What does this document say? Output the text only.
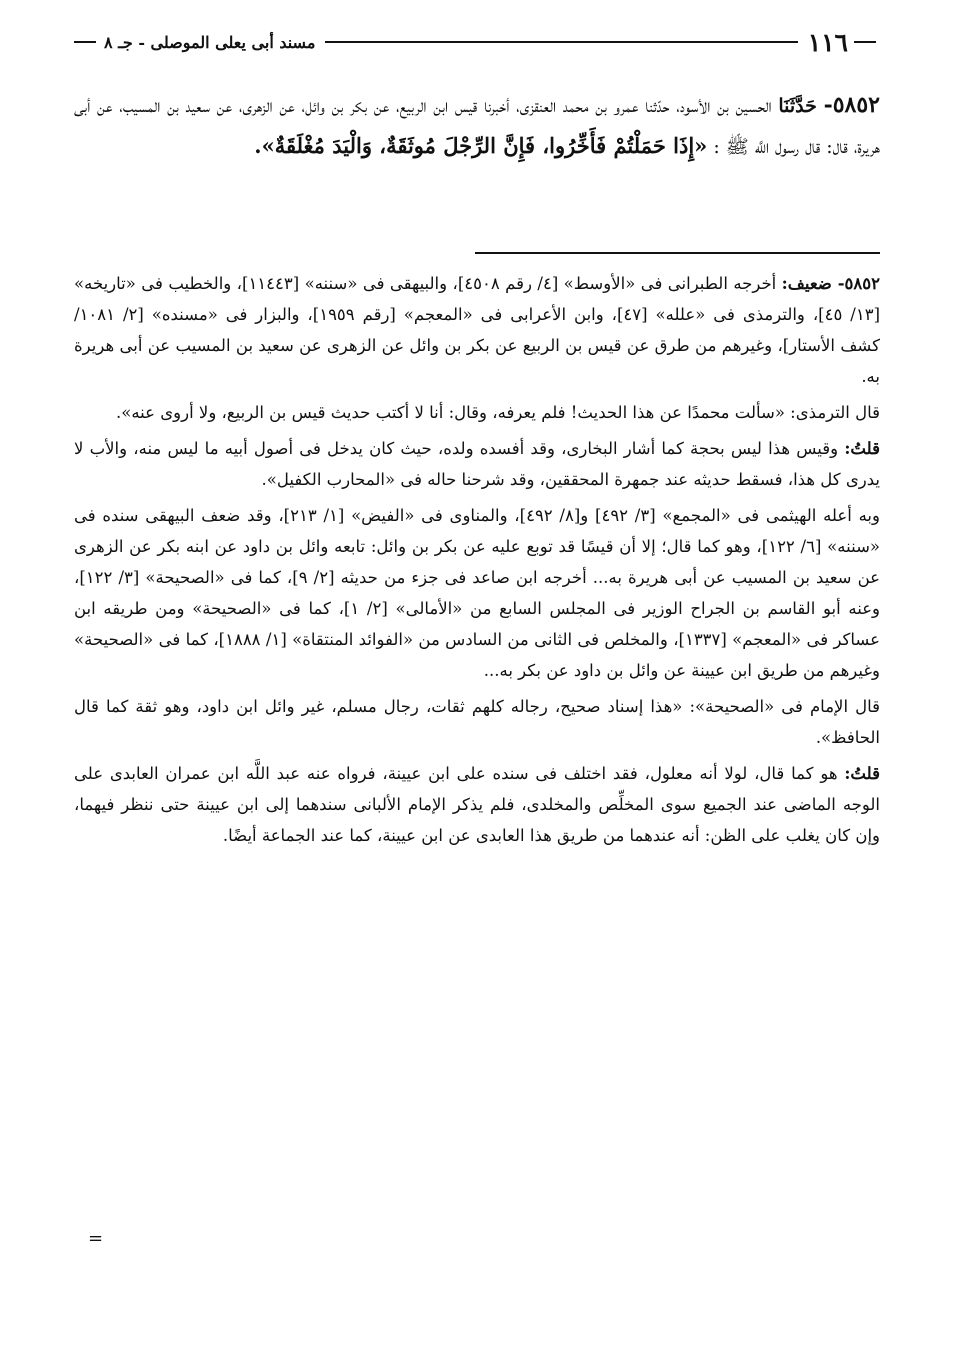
١١٦
مسند أبى يعلى الموصلى - جـ ٨
٥٨٥٢- حَدَّثَنَا الحسين بن الأسود، حدّثنا عمرو بن محمد العنقزى، أخبرنا قيس ابن الربيع، عن بكر بن وائل، عن الزهرى، عن سعيد بن المسيب، عن أبى هريرة، قال: قال رسول اللَّه ﷺ : «إِذَا حَمَلْتُمْ فَأَخِّرُوا، فَإِنَّ الرِّجْلَ مُوثَقَةٌ، وَالْيَدَ مُغْلَقَةٌ».

٥٨٥٢- ضعيف: أخرجه الطبرانى فى «الأوسط» [٤/ رقم ٤٥٠٨]، والبيهقى فى «سننه» [١١٤٤٣]، والخطيب فى «تاريخه» [١٣/ ٤٥]، والترمذى فى «علله» [٤٧]، وابن الأعرابى فى «المعجم» [رقم ١٩٥٩]، والبزار فى «مسنده» [٢/ ١٠٨١/ كشف الأستار]، وغيرهم من طرق عن قيس بن الربيع عن بكر بن وائل عن الزهرى عن سعيد بن المسيب عن أبى هريرة به.

قال الترمذى: «سألت محمدًا عن هذا الحديث! فلم يعرفه، وقال: أنا لا أكتب حديث قيس بن الربيع، ولا أروى عنه».

قلتُ: وقيس هذا ليس بحجة كما أشار البخارى، وقد أفسده ولده، حيث كان يدخل فى أصول أبيه ما ليس منه، والأب لا يدرى كل هذا، فسقط حديثه عند جمهرة المحققين، وقد شرحنا حاله فى «المحارب الكفيل».

وبه أعله الهيثمى فى «المجمع» [٣/ ٤٩٢] و[٨/ ٤٩٢]، والمناوى فى «الفيض» [١/ ٢١٣]، وقد ضعف البيهقى سنده فى «سننه» [٦/ ١٢٢]، وهو كما قال؛ إلا أن قيسًا قد توبع عليه عن بكر بن وائل: تابعه وائل بن داود عن ابنه بكر عن الزهرى عن سعيد بن المسيب عن أبى هريرة به... أخرجه ابن صاعد فى جزء من حديثه [٢/ ٩]، كما فى «الصحيحة» [٣/ ١٢٢]، وعنه أبو القاسم بن الجراح الوزير فى المجلس السابع من «الأمالى» [٢/ ١]، كما فى «الصحيحة» ومن طريقه ابن عساكر فى «المعجم» [١٣٣٧]، والمخلص فى الثانى من السادس من «الفوائد المنتقاة» [١/ ١٨٨٨]، كما فى «الصحيحة» وغيرهم من طريق ابن عيينة عن وائل بن داود عن بكر به...

قال الإمام فى «الصحيحة»: «هذا إسناد صحيح، رجاله كلهم ثقات، رجال مسلم، غير وائل ابن داود، وهو ثقة كما قال الحافظ».

قلتُ: هو كما قال، لولا أنه معلول، فقد اختلف فى سنده على ابن عيينة، فرواه عنه عبد اللَّه ابن عمران العابدى على الوجه الماضى عند الجميع سوى المخلِّص والمخلدى، فلم يذكر الإمام الألبانى سندهما إلى ابن عيينة حتى ننظر فيهما، وإن كان يغلب على الظن: أنه عندهما من طريق هذا العابدى عن ابن عيينة، كما عند الجماعة أيضًا.

=
